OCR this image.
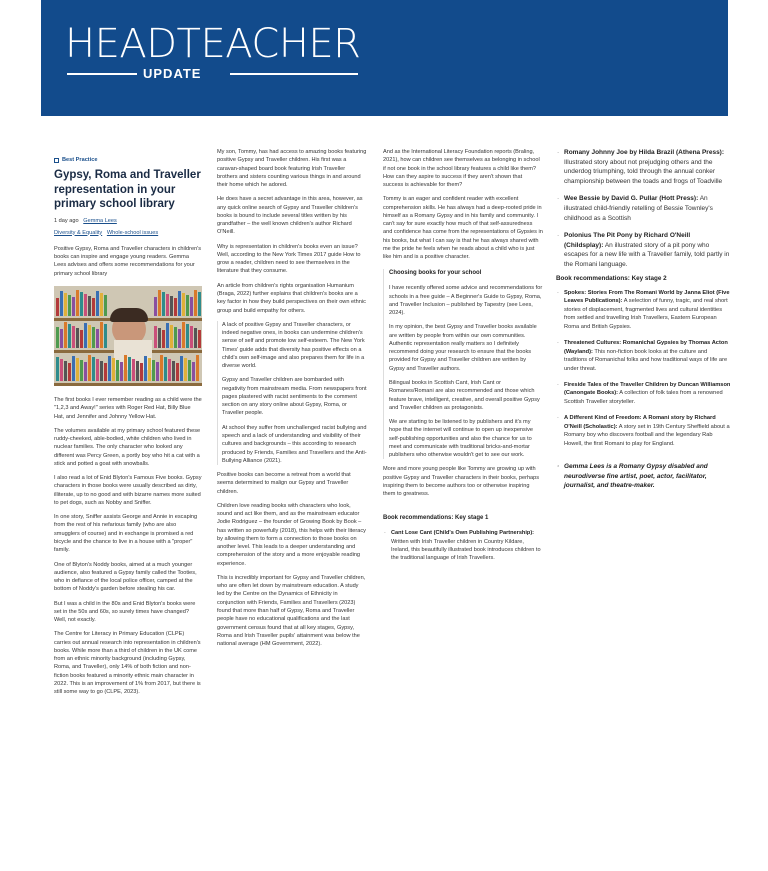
HEADTEACHER
UPDATE
Best Practice
Gypsy, Roma and Traveller representation in your primary school library
1 day ago Gemma Lees
Diversity & Equality Whole-school issues

Positive Gypsy, Roma and Traveller characters in children's books can inspire and engage young readers. Gemma Lees advises and offers some recommendations for your primary school library

The first books I ever remember reading as a child were the "1,2,3 and Away!" series with Roger Red Hat, Billy Blue Hat, and Jennifer and Johnny Yellow Hat.

The volumes available at my primary school featured these ruddy-cheeked, able-bodied, white children who lived in nuclear families. The only character who looked any different was Percy Green, a portly boy who hit a cat with a stick and potted a goat with snowballs.

I also read a lot of Enid Blyton's Famous Five books. Gypsy characters in those books were usually described as dirty, illiterate, up to no good and with bizarre names more suited to pet dogs, such as Nobby and Sniffer.

In one story, Sniffer assists George and Annie in escaping from the rest of his nefarious family (who are also smugglers of course) and in exchange is promised a red bicycle and the chance to live in a house with a "proper" family.

One of Blyton's Noddy books, aimed at a much younger audience, also featured a Gypsy family called the Tooties, who in defiance of the local police officer, camped at the bottom of Noddy's garden before stealing his car.

But I was a child in the 80s and Enid Blyton's books were set in the 50s and 60s, so surely times have changed? Well, not exactly.

The Centre for Literacy in Primary Education (CLPE) carries out annual research into representation in children's books. While more than a third of children in the UK come from an ethnic minority background (including Gypsy, Roma, and Traveller), only 14% of both fiction and non-fiction books featured a minority ethnic main character in 2022. This is an improvement of 1% from 2017, but there is still some way to go (CLPE, 2023).

My son, Tommy, has had access to amazing books featuring positive Gypsy and Traveller children. His first was a caravan-shaped board book featuring Irish Traveller brothers and sisters counting various things in and around their home which he adored.

He does have a secret advantage in this area, however, as any quick online search of Gypsy and Traveller children's books is bound to include several titles written by his grandfather – the well known children's author Richard O'Neill.

Why is representation in children's books even an issue? Well, according to the New York Times 2017 guide How to grow a reader, children need to see themselves in the literature that they consume.

An article from children's rights organisation Humanium (Braga, 2022) further explains that children's books are a key factor in how they build perspectives on their own ethnic group and build empathy for others.

A lack of positive Gypsy and Traveller characters, or indeed negative ones, in books can undermine children's sense of self and promote low self-esteem. The New York Times' guide adds that diversity has positive effects on a child's own self-image and also prepares them for life in a diverse world.

Gypsy and Traveller children are bombarded with negativity from mainstream media. From newspapers front pages plastered with racist sentiments to the comment section on any story online about Gypsy, Roma, or Traveller people.

At school they suffer from unchallenged racist bullying and speech and a lack of understanding and visibility of their cultures and backgrounds – this according to research produced by Friends, Families and Travellers and the Anti-Bullying Alliance (2021).

Positive books can become a retreat from a world that seems determined to malign our Gypsy and Traveller children.

Children love reading books with characters who look, sound and act like them, and as the mainstream educator Jodie Rodriguez – the founder of Growing Book by Book – has written so powerfully (2018), this helps with their literacy by allowing them to form a connection to those books on another level. This leads to a deeper understanding and comprehension of the story and a more enjoyable reading experience.

This is incredibly important for Gypsy and Traveller children, who are often let down by mainstream education. A study led by the Centre on the Dynamics of Ethnicity in conjunction with Friends, Families and Travellers (2023) found that more than half of Gypsy, Roma and Traveller people have no educational qualifications and the last government census found that at all key stages, Gypsy, Roma and Irish Traveller pupils' attainment was below the national average (HM Government, 2022).

And as the International Literacy Foundation reports (Braling, 2021), how can children see themselves as belonging in school if not one book in the school library features a child like them? How can they aspire to success if they aren't shown that success is achievable for them?

Tommy is an eager and confident reader with excellent comprehension skills. He has always had a deep-rooted pride in himself as a Romany Gypsy and in his family and community. I can't say for sure exactly how much of that self-assuredness and confidence has come from the representations of Gypsies in his books, but what I can say is that he has always shared with me the pride he feels when he reads about a child who is just like him and is a positive character.

Choosing books for your school

I have recently offered some advice and recommendations for schools in a free guide – A Beginner's Guide to Gypsy, Roma, and Traveller Inclusion – published by Tapestry (see Lees, 2024).

In my opinion, the best Gypsy and Traveller books available are written by people from within our own communities. Authentic representation really matters so I definitely recommend doing your research to ensure that the books provided for Gypsy and Traveller children are written by Gypsy and Traveller authors.

Bilingual books in Scottish Cant, Irish Cant or Romanes/Romani are also recommended and those which feature brave, intelligent, creative, and overall positive Gypsy and Traveller children as protagonists.

We are starting to be listened to by publishers and it's my hope that the internet will continue to open up inexpensive self-publishing opportunities and also the chance for us to meet and communicate with traditional bricks-and-mortar publishers who otherwise wouldn't get to see our work.

More and more young people like Tommy are growing up with positive Gypsy and Traveller characters in their books, perhaps inspiring them to become authors too or otherwise inspiring them to greatness.

Book recommendations: Key stage 1
· Cant Lose Cant (Child's Own Publishing Partnership): Written with Irish Traveller children in Country Kildare, Ireland, this beautifully illustrated book introduces children to the traditional language of Irish Travellers.
· Romany Johnny Joe by Hilda Brazil (Athena Press): Illustrated story about not prejudging others and the underdog triumphing, told through the annual conker championship between the toads and frogs of Toadville
· Wee Bessie by David G. Pullar (Hott Press): An illustrated child-friendly retelling of Bessie Townley's childhood as a Scottish
· Polonius The Pit Pony by Richard O'Neill (Childsplay): An illustrated story of a pit pony who escapes for a new life with a Traveller family, told partly in the Romani language.
Book recommendations: Key stage 2
· Spokes: Stories From The Romani World by Janna Eliot (Five Leaves Publications): A selection of funny, tragic, and real short stories of displacement, fragmented lives and cultural identities from settled and travelling Irish Travellers, Eastern European Roma and British Gypsies.
· Threatened Cultures: Romanichal Gypsies by Thomas Acton (Wayland): This non-fiction book looks at the culture and traditions of Romanichal folks and how traditional ways of life are under threat.
· Fireside Tales of the Traveller Children by Duncan Williamson (Canongate Books): A collection of folk tales from a renowned Scottish Traveller storyteller.
· A Different Kind of Freedom: A Romani story by Richard O'Neill (Scholastic): A story set in 19th Century Sheffield about a Romany boy who discovers football and the legendary Rab Howell, the first Romani to play for England.
· Gemma Lees is a Romany Gypsy disabled and neurodiverse fine artist, poet, actor, facilitator, journalist, and theatre-maker.
